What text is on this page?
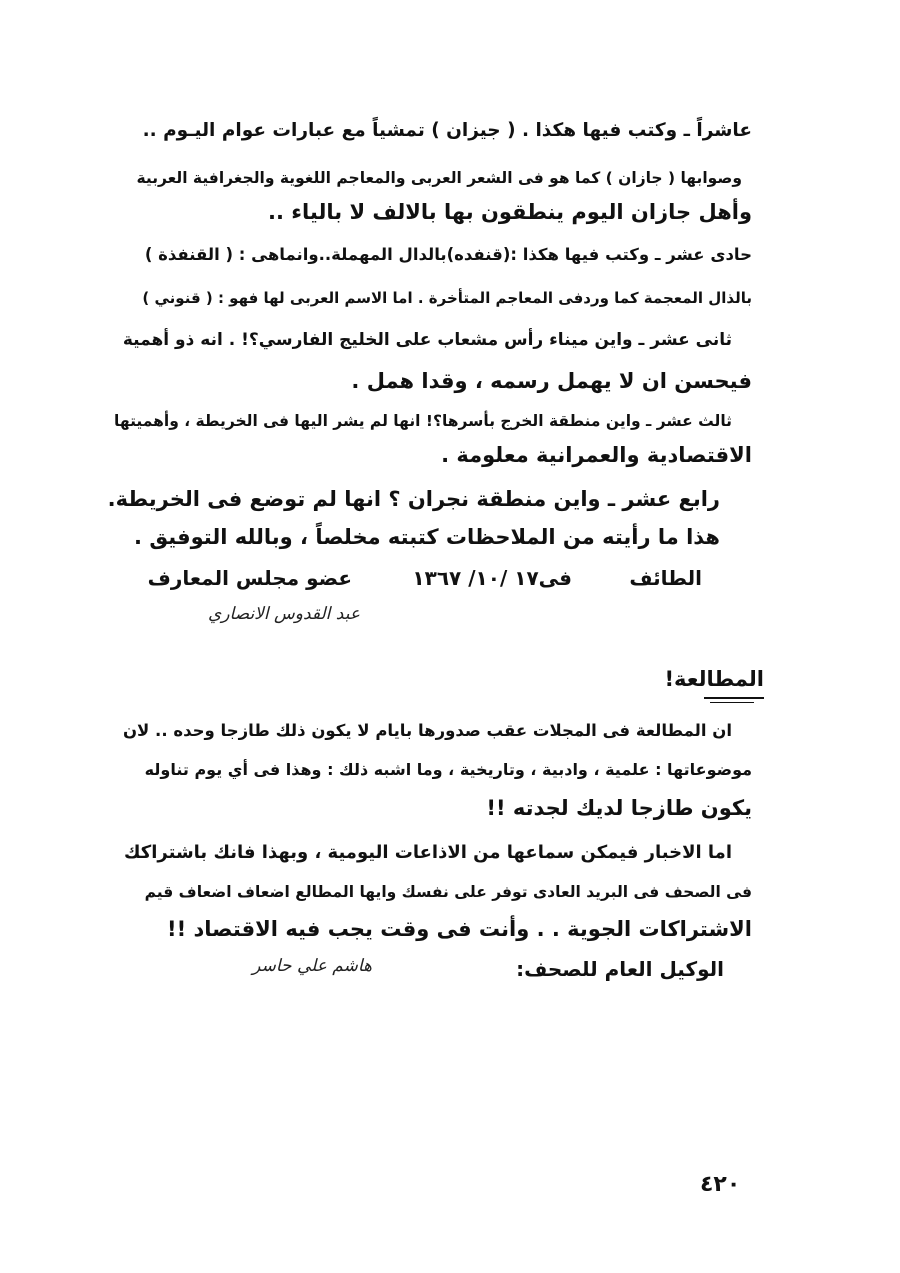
عاشراً ـ وكتب فيها هكذا . ( جيزان ) تمشياً مع عبارات عوام اليـوم ..
وصوابها ( جازان ) كما هو فى الشعر العربى والمعاجم اللغوية والجغرافية العربية
وأهل جازان اليوم ينطقون بها بالالف لا بالياء ..
حادى عشر ـ وكتب فيها هكذا :(قنفده)بالدال المهملة..وانماهى : ( القنفذة )
بالذال المعجمة كما وردفى المعاجم المتأخرة . اما الاسم العربى لها فهو : ( قنوني )
ثانى عشر ـ واين ميناء رأس مشعاب على الخليج الفارسي؟! . انه ذو أهمية
فيحسن ان لا يهمل رسمه ، وقدا همل .
ثالث عشر ـ واين منطقة الخرج بأسرها؟! انها لم يشر اليها فى الخريطة ، وأهميتها
الاقتصادية والعمرانية معلومة .
رابع عشر ـ واين منطقة نجران ؟ انها لم توضع فى الخريطة.
هذا ما رأيته من الملاحظات كتبته مخلصاً ، وبالله التوفيق .
الطائف
فى١٧ /١٠/ ١٣٦٧
عضو مجلس المعارف
عبد القدوس الانصاري
المطالعة!
ان المطالعة فى المجلات عقب صدورها بايام لا يكون ذلك طازجا وحده .. لان
موضوعاتها : علمية ، وادبية ، وتاريخية ، وما اشبه ذلك : وهذا فى أي يوم تناوله
يكون طازجا لديك لجدته !!
اما الاخبار فيمكن سماعها من الاذاعات اليومية ، وبهذا فانك باشتراكك
فى الصحف فى البريد العادى توفر على نفسك وايها المطالع اضعاف اضعاف قيم
الاشتراكات الجوية . . وأنت فى وقت يجب فيه الاقتصاد !!
الوكيل العام للصحف:
هاشم علي حاسر
٤٢٠
